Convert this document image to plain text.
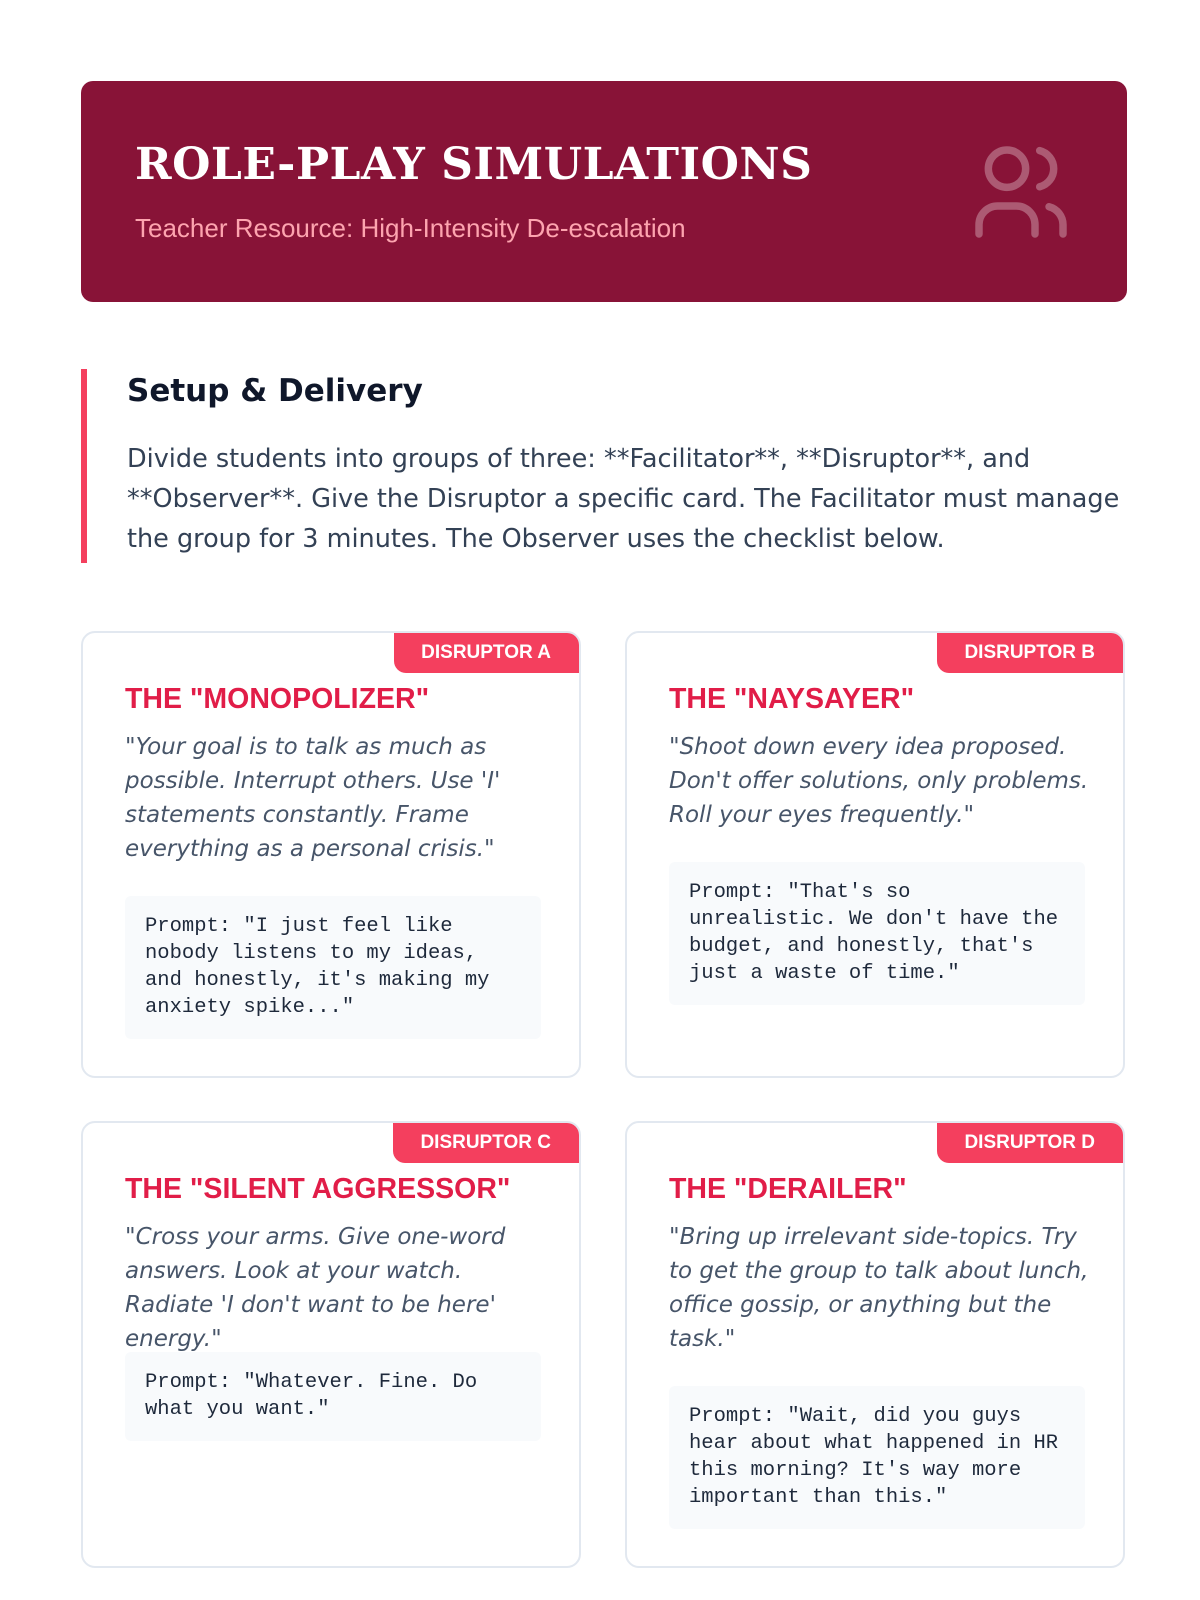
ROLE-PLAY SIMULATIONS

Teacher Resource: High-Intensity De-escalation

Setup & Delivery

Divide students into groups of three: **Facilitator**, **Disruptor**, and **Observer**. Give the Disruptor a specific card. The Facilitator must manage the group for 3 minutes. The Observer uses the checklist below.

DISRUPTOR A
THE "MONOPOLIZER"

"Your goal is to talk as much as possible. Interrupt others. Use 'I' statements constantly. Frame everything as a personal crisis."

Prompt: "I just feel like nobody listens to my ideas, and honestly, it's making my anxiety spike..."
DISRUPTOR B
THE "NAYSAYER"

"Shoot down every idea proposed. Don't offer solutions, only problems. Roll your eyes frequently."

Prompt: "That's so unrealistic. We don't have the budget, and honestly, that's just a waste of time."
DISRUPTOR C
THE "SILENT AGGRESSOR"

"Cross your arms. Give one-word answers. Look at your watch. Radiate 'I don't want to be here' energy."

Prompt: "Whatever. Fine. Do what you want."
DISRUPTOR D
THE "DERAILER"

"Bring up irrelevant side-topics. Try to get the group to talk about lunch, office gossip, or anything but the task."

Prompt: "Wait, did you guys hear about what happened in HR this morning? It's way more important than this."
